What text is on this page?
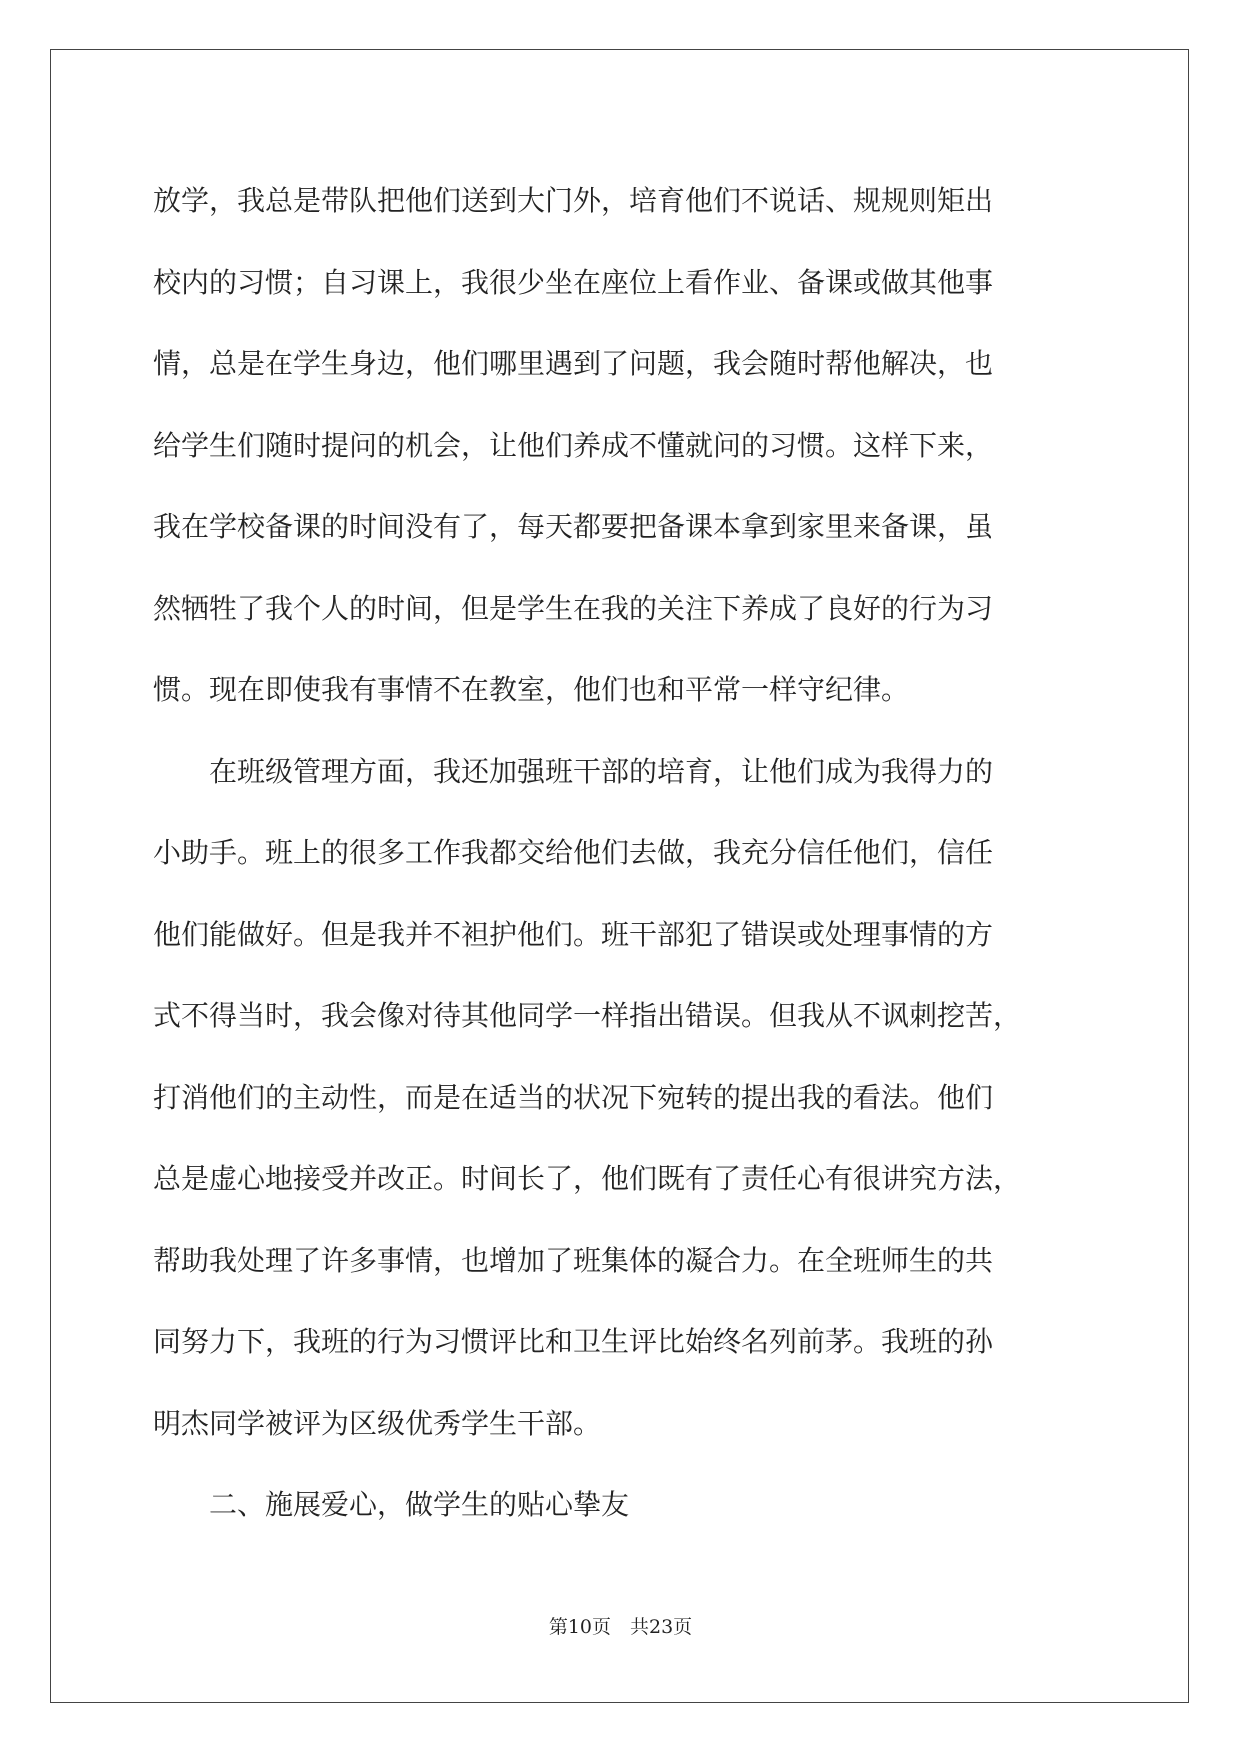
放学，我总是带队把他们送到大门外，培育他们不说话、规规则矩出
校内的习惯；自习课上，我很少坐在座位上看作业、备课或做其他事
情，总是在学生身边，他们哪里遇到了问题，我会随时帮他解决，也
给学生们随时提问的机会，让他们养成不懂就问的习惯。这样下来，
我在学校备课的时间没有了，每天都要把备课本拿到家里来备课，虽
然牺牲了我个人的时间，但是学生在我的关注下养成了良好的行为习
惯。现在即使我有事情不在教室，他们也和平常一样守纪律。
　　在班级管理方面，我还加强班干部的培育，让他们成为我得力的
小助手。班上的很多工作我都交给他们去做，我充分信任他们，信任
他们能做好。但是我并不袒护他们。班干部犯了错误或处理事情的方
式不得当时，我会像对待其他同学一样指出错误。但我从不讽刺挖苦，
打消他们的主动性，而是在适当的状况下宛转的提出我的看法。他们
总是虚心地接受并改正。时间长了，他们既有了责任心有很讲究方法，
帮助我处理了许多事情，也增加了班集体的凝合力。在全班师生的共
同努力下，我班的行为习惯评比和卫生评比始终名列前茅。我班的孙
明杰同学被评为区级优秀学生干部。
　　二、施展爱心，做学生的贴心挚友
第10页　共23页
